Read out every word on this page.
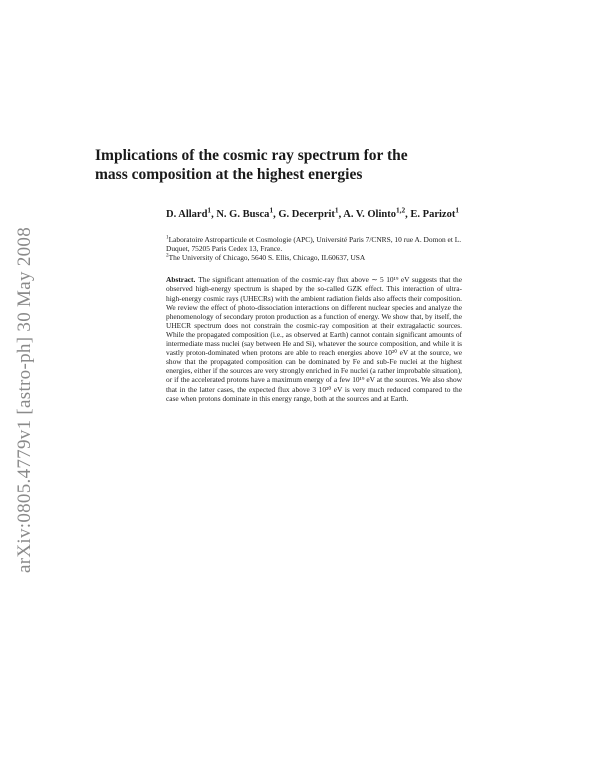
arXiv:0805.4779v1 [astro-ph] 30 May 2008
Implications of the cosmic ray spectrum for the
mass composition at the highest energies
D. Allard$^1$, N. G. Busca$^1$, G. Decerprit$^1$, A. V. Olinto$^{1,2}$, E. Parizot$^1$
$^1$Laboratoire Astroparticule et Cosmologie (APC), Université Paris 7/CNRS, 10 rue A. Domon et L. Duquet, 75205 Paris Cedex 13, France.
$^2$The University of Chicago, 5640 S. Ellis, Chicago, IL60637, USA

Abstract. The significant attenuation of the cosmic-ray flux above ∼ 5 10¹⁹ eV suggests that the observed high-energy spectrum is shaped by the so-called GZK effect. This interaction of ultra-high-energy cosmic rays (UHECRs) with the ambient radiation fields also affects their composition. We review the effect of photo-dissociation interactions on different nuclear species and analyze the phenomenology of secondary proton production as a function of energy. We show that, by itself, the UHECR spectrum does not constrain the cosmic-ray composition at their extragalactic sources. While the propagated composition (i.e., as observed at Earth) cannot contain significant amounts of intermediate mass nuclei (say between He and Si), whatever the source composition, and while it is vastly proton-dominated when protons are able to reach energies above 10²⁰ eV at the source, we show that the propagated composition can be dominated by Fe and sub-Fe nuclei at the highest energies, either if the sources are very strongly enriched in Fe nuclei (a rather improbable situation), or if the accelerated protons have a maximum energy of a few 10¹⁹ eV at the sources. We also show that in the latter cases, the expected flux above 3 10²⁰ eV is very much reduced compared to the case when protons dominate in this energy range, both at the sources and at Earth.
